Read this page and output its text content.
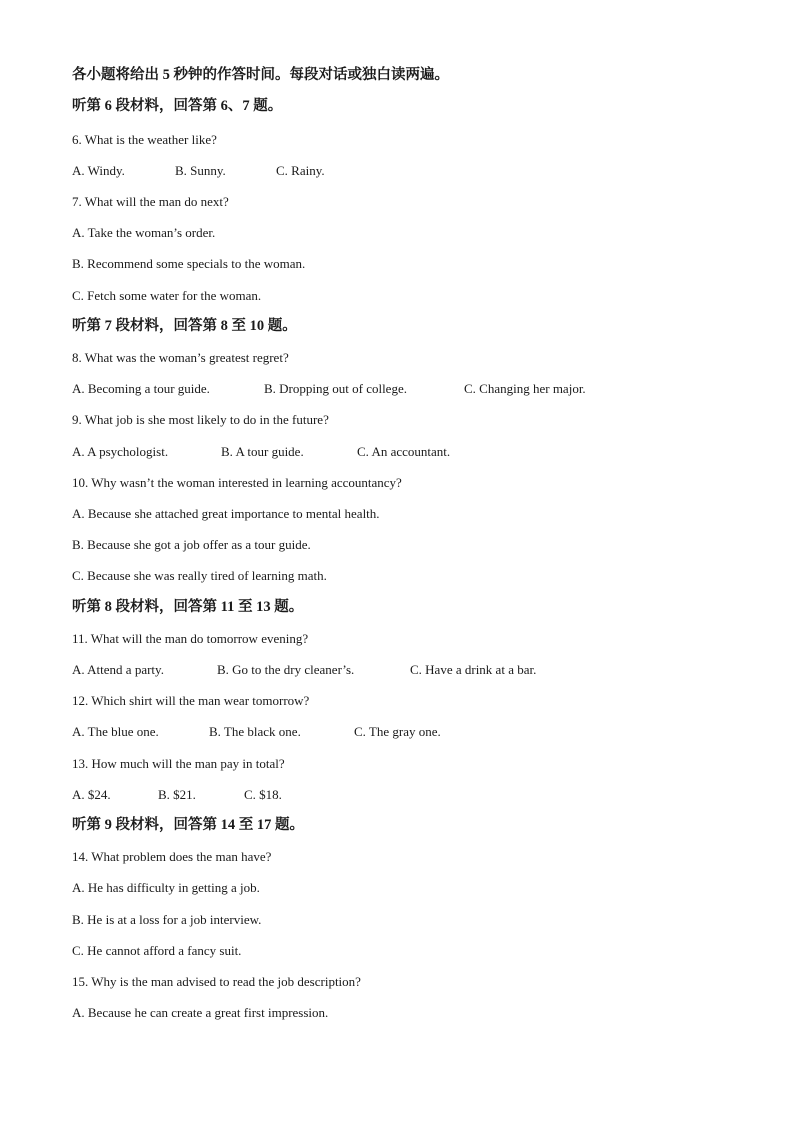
各小题将给出 5 秒钟的作答时间。每段对话或独白读两遍。
听第 6 段材料，回答第 6、7 题。
6. What is the weather like?
A. Windy.	B. Sunny.	C. Rainy.
7. What will the man do next?
A. Take the woman’s order.
B. Recommend some specials to the woman.
C. Fetch some water for the woman.
听第 7 段材料，回答第 8 至 10 题。
8. What was the woman’s greatest regret?
A. Becoming a tour guide.	B. Dropping out of college.	C. Changing her major.
9. What job is she most likely to do in the future?
A. A psychologist.	B. A tour guide.	C. An accountant.
10. Why wasn’t the woman interested in learning accountancy?
A. Because she attached great importance to mental health.
B. Because she got a job offer as a tour guide.
C. Because she was really tired of learning math.
听第 8 段材料，回答第 11 至 13 题。
11. What will the man do tomorrow evening?
A. Attend a party.	B. Go to the dry cleaner’s.	C. Have a drink at a bar.
12. Which shirt will the man wear tomorrow?
A. The blue one.	B. The black one.	C. The gray one.
13. How much will the man pay in total?
A. $24.	B. $21.	C. $18.
听第 9 段材料，回答第 14 至 17 题。
14. What problem does the man have?
A. He has difficulty in getting a job.
B. He is at a loss for a job interview.
C. He cannot afford a fancy suit.
15. Why is the man advised to read the job description?
A. Because he can create a great first impression.
